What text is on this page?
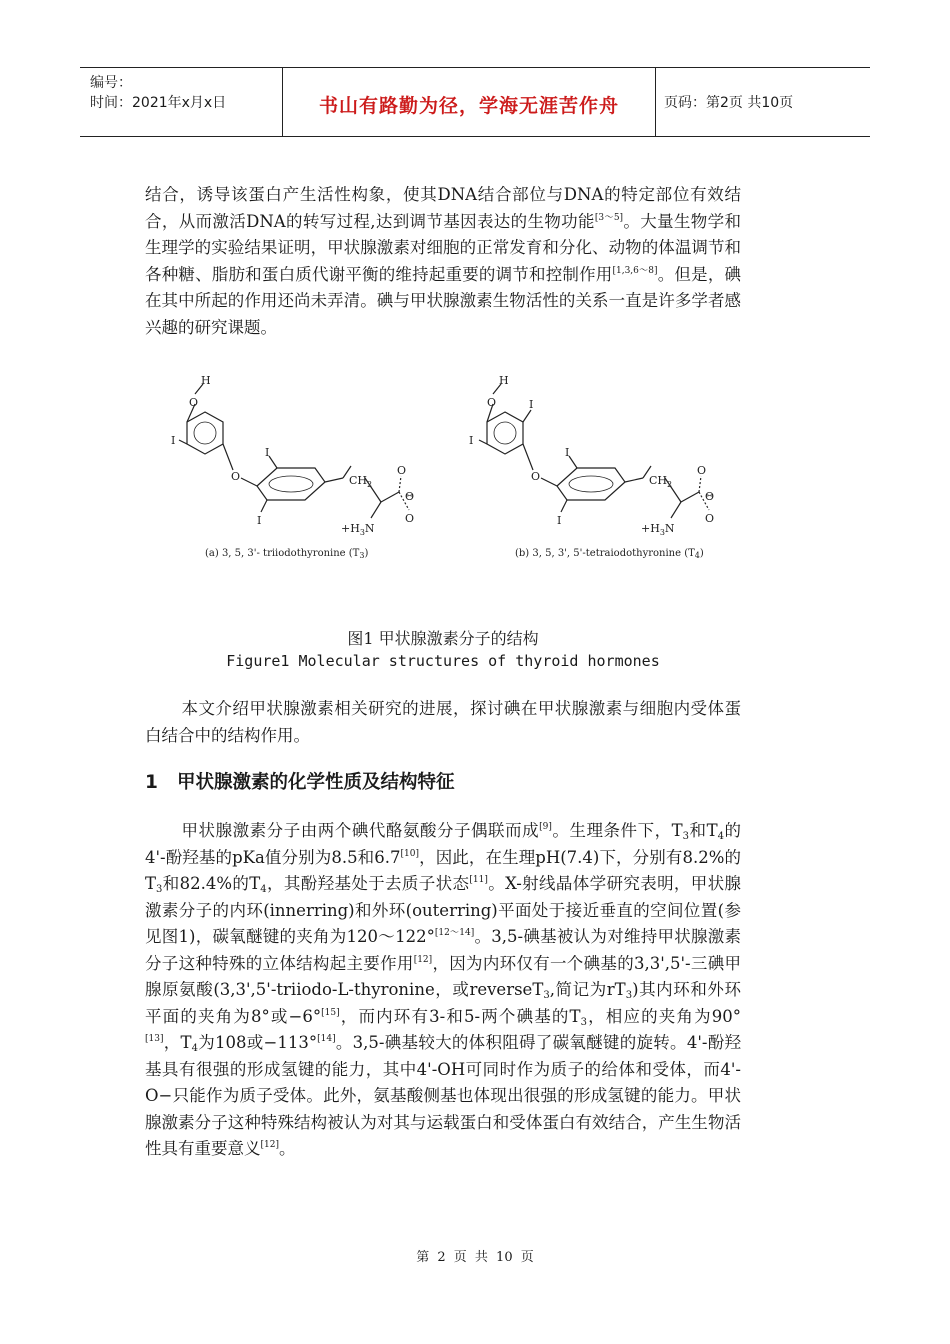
编号：
时间：2021年x月x日	书山有路勤为径，学海无涯苦作舟	页码：第2页 共10页
结合，诱导该蛋白产生活性构象，使其DNA结合部位与DNA的特定部位有效结合，从而激活DNA的转写过程,达到调节基因表达的生物功能[3～5]。大量生物学和生理学的实验结果证明，甲状腺激素对细胞的正常发育和分化、动物的体温调节和各种糖、脂肪和蛋白质代谢平衡的维持起重要的调节和控制作用[1,3,6～8]。但是，碘在其中所起的作用还尚未弄清。碘与甲状腺激素生物活性的关系一直是许多学者感兴趣的研究课题。
H
O
I
O
I
I
$CH_2$
O
Θ
O
$+H_3N$
(a) 3, 5, 3'- triiodothyronine $(T_3)$
H
O	I
I
O
I
I
$CH_2$
O
Θ
O
$+H_3N$
(b) 3, 5, 3', 5'-tetraiodothyronine $(T_4)$
图1 甲状腺激素分子的结构
Figure1 Molecular structures of thyroid hormones
本文介绍甲状腺激素相关研究的进展，探讨碘在甲状腺激素与细胞内受体蛋白结合中的结构作用。
1 甲状腺激素的化学性质及结构特征
甲状腺激素分子由两个碘代酪氨酸分子偶联而成[9]。生理条件下，$T_3$和$T_4$的4'-酚羟基的pKa值分别为8.5和6.7[10]，因此，在生理pH(7.4)下，分别有8.2%的$T_3$和82.4%的$T_4$，其酚羟基处于去质子状态[11]。X-射线晶体学研究表明，甲状腺激素分子的内环(innerring)和外环(outerring)平面处于接近垂直的空间位置(参见图1)，碳氧醚键的夹角为120～122°[12～14]。3,5-碘基被认为对维持甲状腺激素分子这种特殊的立体结构起主要作用[12]，因为内环仅有一个碘基的3,3',5'-三碘甲腺原氨酸(3,3',5'-triiodo-L-thyronine，或reverseT$_3$,简记为$rT_3$)其内环和外环平面的夹角为8°或−6°[15]，而内环有3-和5-两个碘基的$T_3$，相应的夹角为90°[13]，$T_4$为108或−113°[14]。3,5-碘基较大的体积阻碍了碳氧醚键的旋转。4'-酚羟基具有很强的形成氢键的能力，其中4'-OH可同时作为质子的给体和受体，而4'-O−只能作为质子受体。此外，氨基酸侧基也体现出很强的形成氢键的能力。甲状腺激素分子这种特殊结构被认为对其与运载蛋白和受体蛋白有效结合，产生生物活性具有重要意义[12]。
第 2 页 共 10 页
